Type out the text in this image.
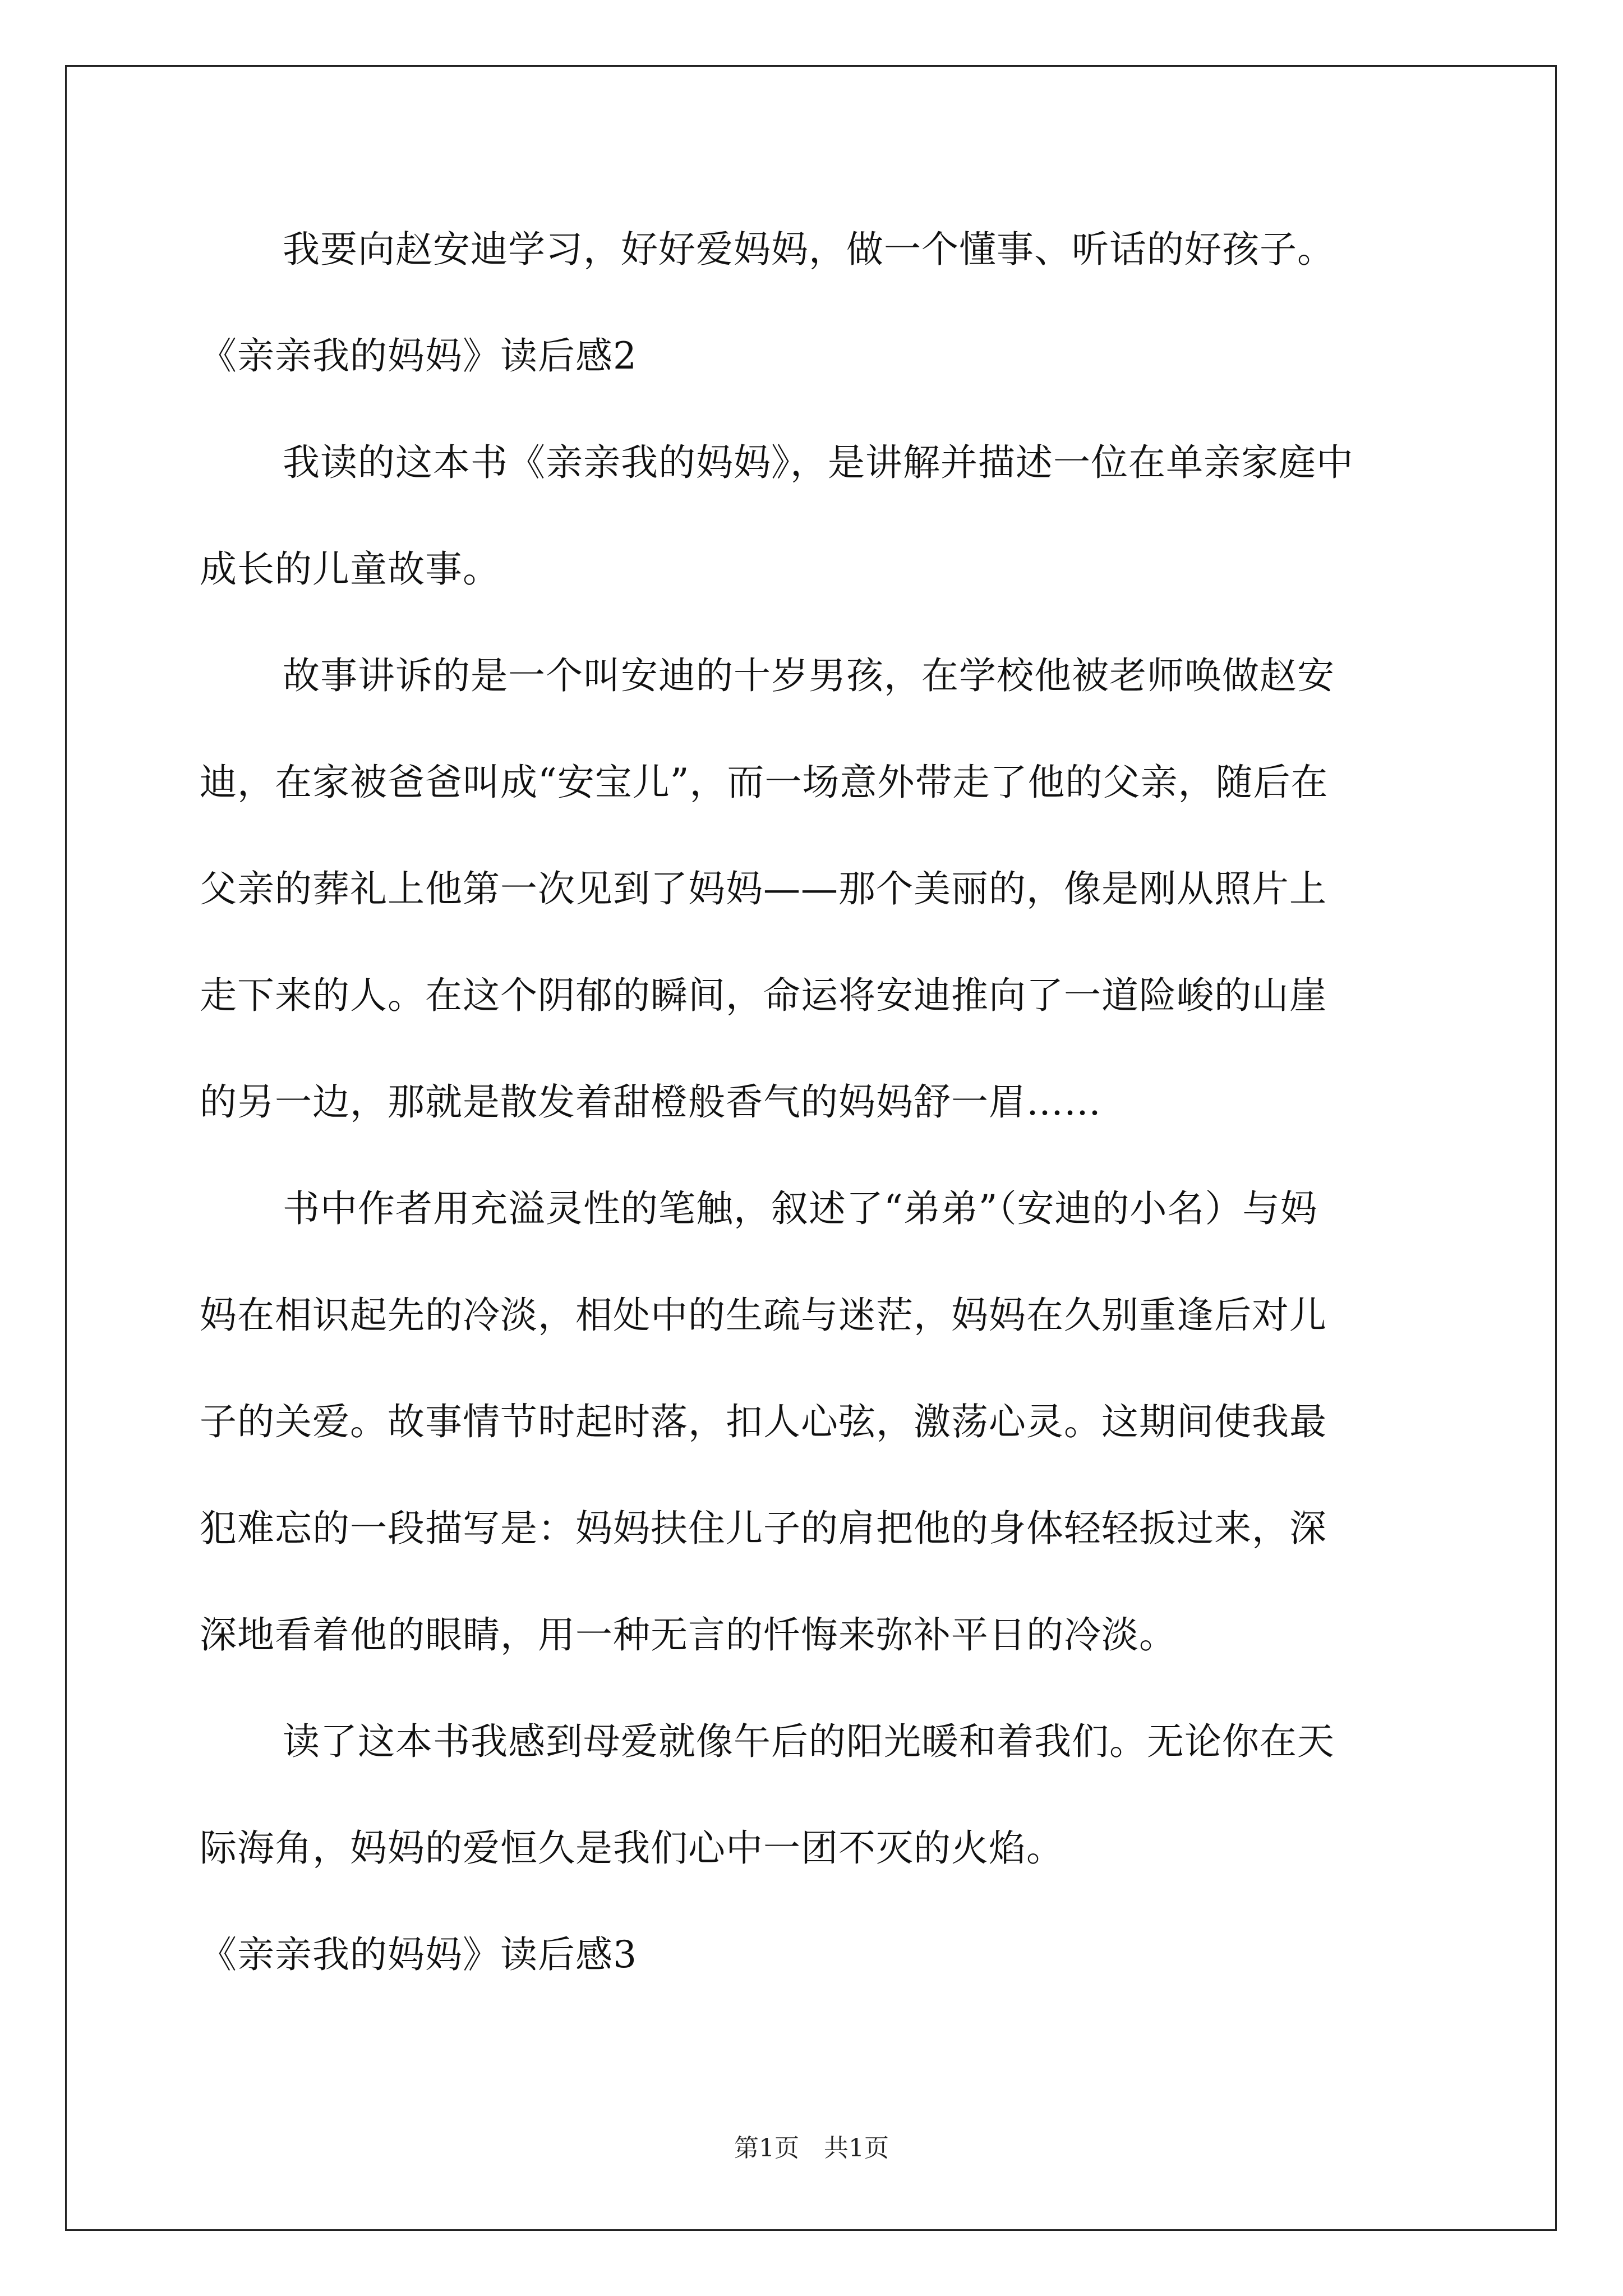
我要向赵安迪学习，好好爱妈妈，做一个懂事、听话的好孩子。
《亲亲我的妈妈》读后感2
我读的这本书《亲亲我的妈妈》，是讲解并描述一位在单亲家庭中
成长的儿童故事。
故事讲诉的是一个叫安迪的十岁男孩，在学校他被老师唤做赵安
迪，在家被爸爸叫成“安宝儿”，而一场意外带走了他的父亲，随后在
父亲的葬礼上他第一次见到了妈妈——那个美丽的，像是刚从照片上
走下来的人。在这个阴郁的瞬间，命运将安迪推向了一道险峻的山崖
的另一边，那就是散发着甜橙般香气的妈妈舒一眉……
书中作者用充溢灵性的笔触，叙述了“弟弟”（安迪的小名）与妈
妈在相识起先的冷淡，相处中的生疏与迷茫，妈妈在久别重逢后对儿
子的关爱。故事情节时起时落，扣人心弦，激荡心灵。这期间使我最
犯难忘的一段描写是：妈妈扶住儿子的肩把他的身体轻轻扳过来，深
深地看着他的眼睛，用一种无言的忏悔来弥补平日的冷淡。
读了这本书我感到母爱就像午后的阳光暖和着我们。无论你在天
际海角，妈妈的爱恒久是我们心中一团不灭的火焰。
《亲亲我的妈妈》读后感3
第1页 共1页
